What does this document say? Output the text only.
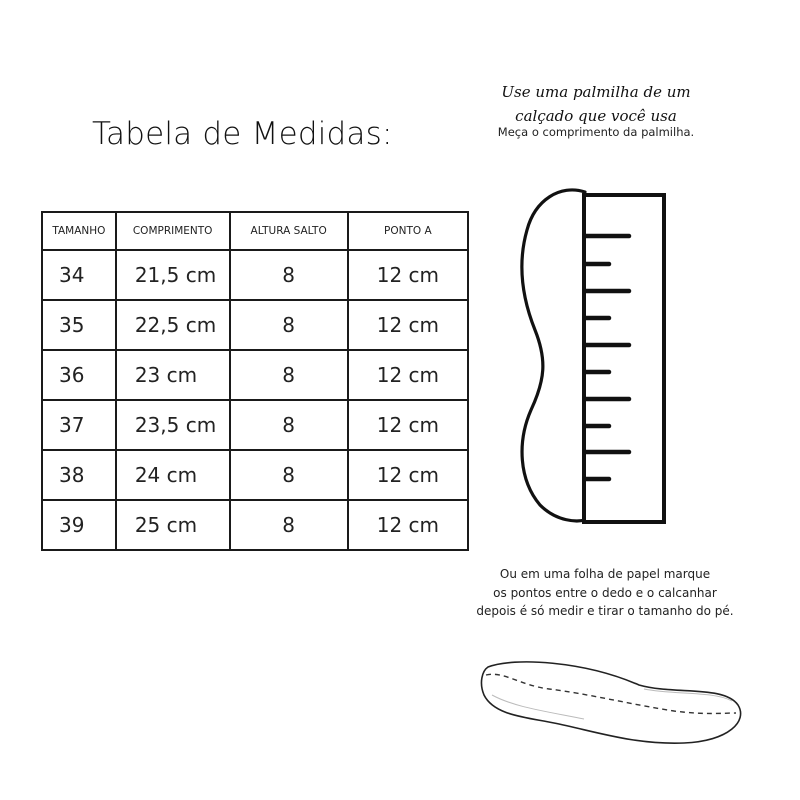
Tabela de Medidas:
TAMANHO	COMPRIMENTO	ALTURA SALTO	PONTO A
34	21,5 cm	8	12 cm
35	22,5 cm	8	12 cm
36	23 cm	8	12 cm
37	23,5 cm	8	12 cm
38	24 cm	8	12 cm
39	25 cm	8	12 cm
Use uma palmilha de um
calçado que você usa
Meça o comprimento da palmilha.
Ou em uma folha de papel marque
os pontos entre o dedo e o calcanhar
depois é só medir e tirar o tamanho do pé.
